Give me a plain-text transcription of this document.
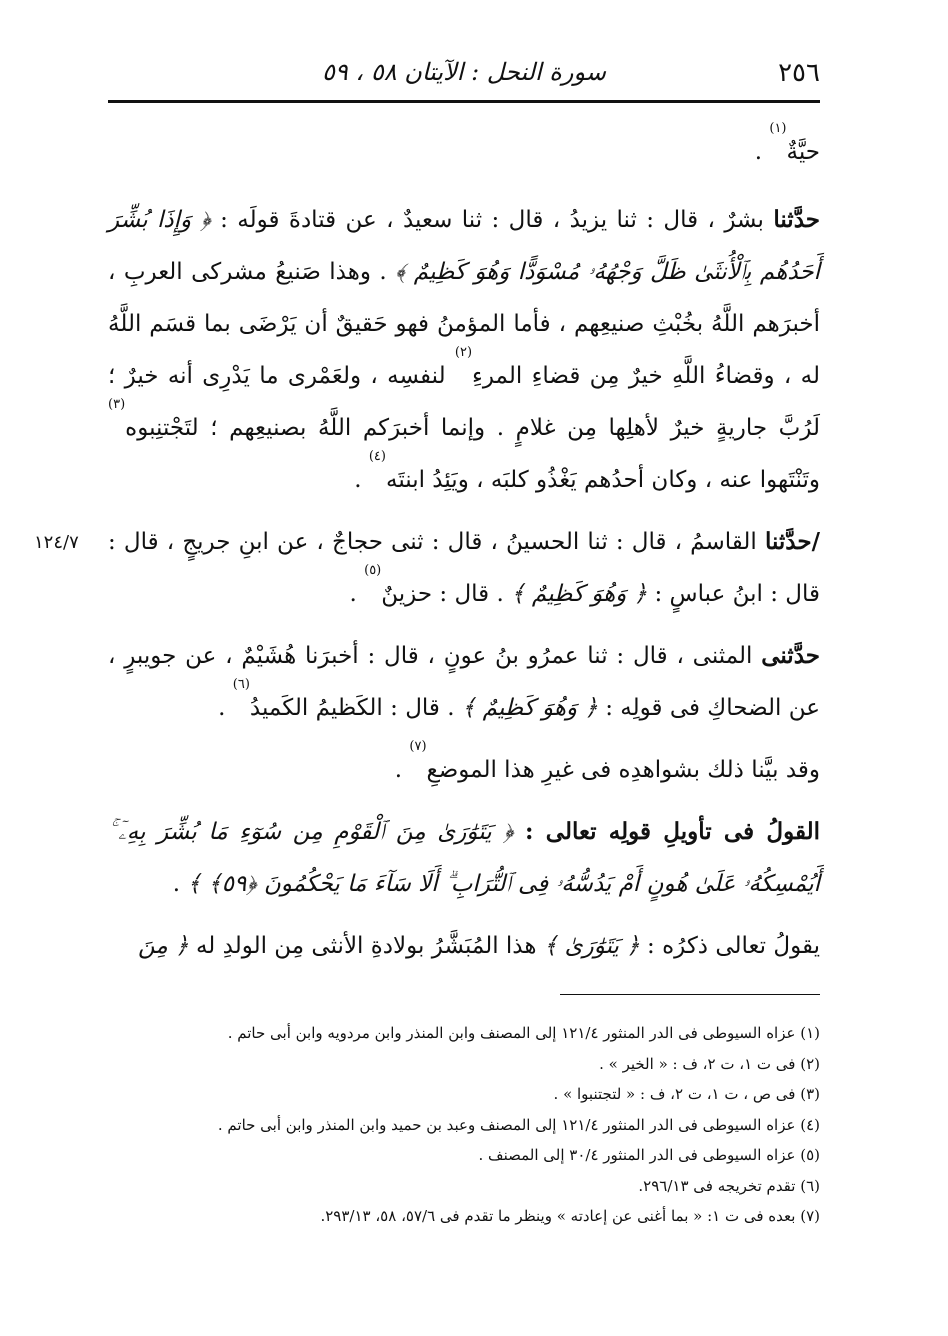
٢٥٦
سورة النحل : الآيتان ٥٨ ، ٥٩
١٢٤/٧

حيَّةٌ$^{(١)}$ .

حدَّثنا بشرٌ ، قال : ثنا يزيدُ ، قال : ثنا سعيدٌ ، عن قتادةَ قولَه : ﴿ وَإِذَا بُشِّرَ أَحَدُهُم بِٱلْأُنثَىٰ ظَلَّ وَجْهُهُۥ مُسْوَدًّا وَهُوَ كَظِيمٌ ﴾ . وهذا صَنيعُ مشركى العربِ ، أخبرَهم اللَّهُ بخُبْثِ صنيعِهم ، فأما المؤمنُ فهو حَقيقٌ أن يَرْضَى بما قسَم اللَّهُ له ، وقضاءُ اللَّهِ خيرٌ مِن قضاءِ المرءِ$^{(٢)}$ لنفسِه ، ولعَمْرى ما يَدْرِى أنه خيرٌ ؛ لَرُبَّ جاريةٍ خيرٌ لأهلِها مِن غلامٍ . وإنما أخبرَكم اللَّهُ بصنيعِهم ؛ لتَجْتنِبوه$^{(٣)}$ وتَنْتَهوا عنه ، وكان أحدُهم يَغْذُو كلبَه ، ويَئِدُ ابنتَه$^{(٤)}$ .

/حدَّثنا القاسمُ ، قال : ثنا الحسينُ ، قال : ثنى حجاجٌ ، عن ابنِ جريجٍ ، قال : قال : ابنُ عباسٍ : ﴿ وَهُوَ كَظِيمٌ ﴾ . قال : حزينٌ$^{(٥)}$ .

حدَّثنى المثنى ، قال : ثنا عمرُو بنُ عونٍ ، قال : أخبرَنا هُشَيْمٌ ، عن جويبرٍ ، عن الضحاكِ فى قولِه : ﴿ وَهُوَ كَظِيمٌ ﴾ . قال : الكَظيمُ الكَميدُ$^{(٦)}$ .

وقد بيَّنا ذلك بشواهدِه فى غيرِ هذا الموضعِ$^{(٧)}$ .

القولُ فى تأويلِ قولِه تعالى : ﴿ يَتَوَٰرَىٰ مِنَ ٱلْقَوْمِ مِن سُوٓءِ مَا بُشِّرَ بِهِۦٓ ۚ أَيُمْسِكُهُۥ عَلَىٰ هُونٍ أَمْ يَدُسُّهُۥ فِى ٱلتُّرَابِ ۗ أَلَا سَآءَ مَا يَحْكُمُونَ ﴿٥٩﴾ ﴾ .

يقولُ تعالى ذكرُه : ﴿ يَتَوَٰرَىٰ ﴾ هذا المُبَشَّرُ بولادةِ الأنثى مِن الولدِ له ﴿ مِنَ

(١) عزاه السيوطى فى الدر المنثور ١٢١/٤ إلى المصنف وابن المنذر وابن مردويه وابن أبى حاتم .
(٢) فى ت ١، ت ٢، ف : « الخير » .
(٣) فى ص ، ت ١، ت ٢، ف : « لتجتنبوا » .
(٤) عزاه السيوطى فى الدر المنثور ١٢١/٤ إلى المصنف وعبد بن حميد وابن المنذر وابن أبى حاتم .
(٥) عزاه السيوطى فى الدر المنثور ٣٠/٤ إلى المصنف .
(٦) تقدم تخريجه فى ٢٩٦/١٣.
(٧) بعده فى ت ١: « بما أغنى عن إعادته » وينظر ما تقدم فى ٥٧/٦، ٥٨، ٢٩٣/١٣.
